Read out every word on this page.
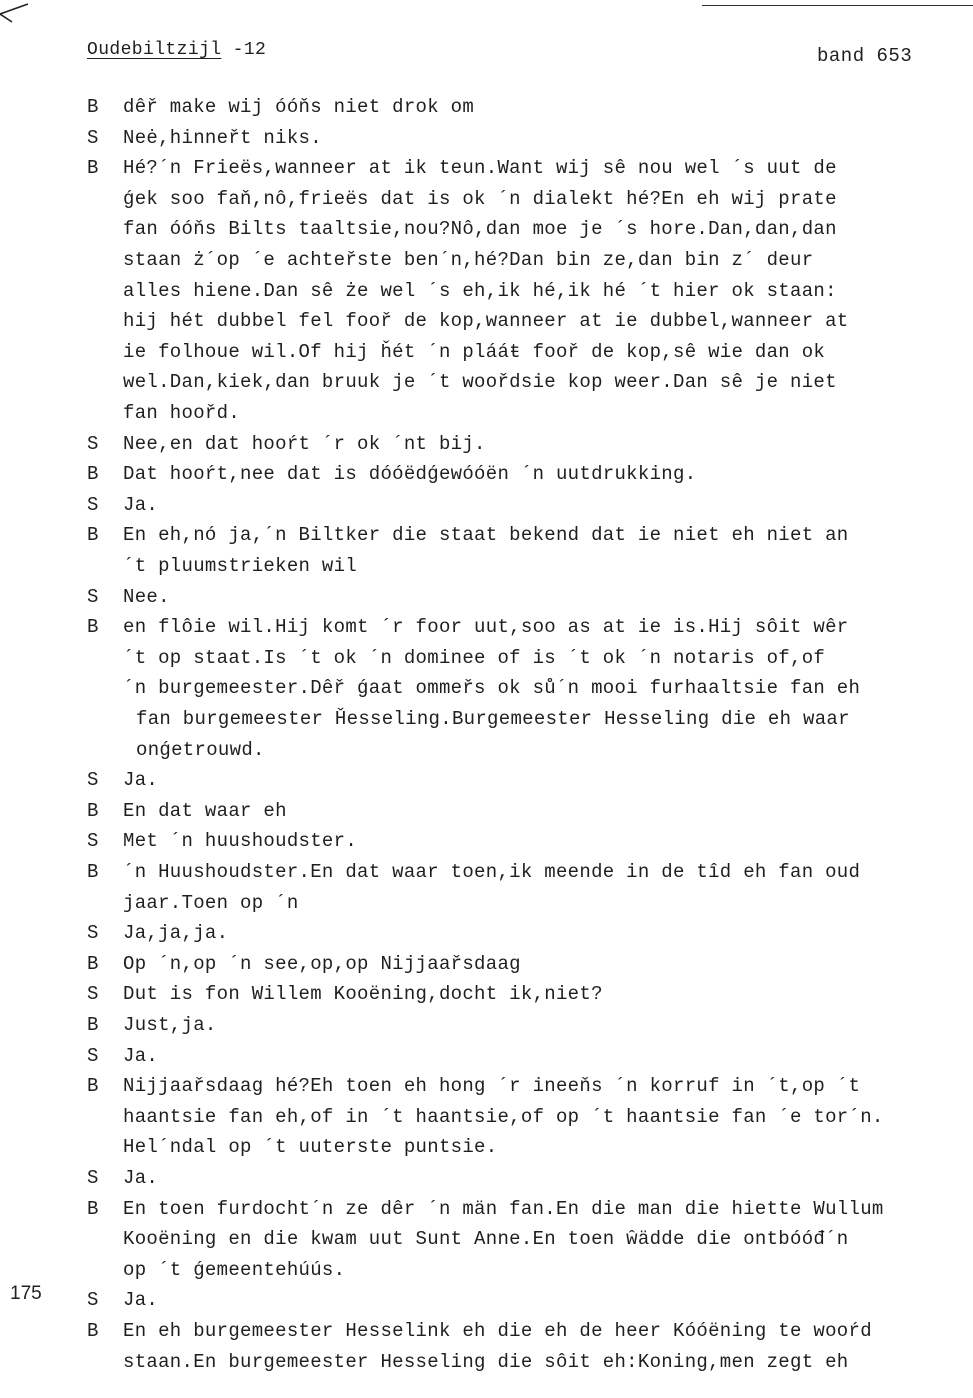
Oudebiltzijl -12	band 653
B dêř make wij óóňs niet drok om
S Neė,hinneřt niks.
B Hé?´n Frieës,wanneer at ik teun.Want wij sê nou wel ´s uut de
ǵek soo faň,nô,frieës dat is ok ´n dialekt hé?En eh wij prate
fan óóňs Bilts taaltsie,nou?Nô,dan moe je ´s hore.Dan,dan,dan
staan ż´op ´e achteřste ben´n,hé?Dan bin ze,dan bin z´ deur
alles hiene.Dan sê że wel ´s eh,ik hé,ik hé ´t hier ok staan:
hij hét dubbel fel fooř de kop,wanneer at ie dubbel,wanneer at
ie folhoue wil.Of hij ȟét ´n plááŧ fooř de kop,sê wie dan ok
wel.Dan,kiek,dan bruuk je ´t woořdsie kop weer.Dan sê je niet
fan hoořd.
S Nee,en dat hooŕt ´r ok ´nt bij.
B Dat hooŕt,nee dat is dóóëdǵewóóën ´n uutdrukking.
S Ja.
B En eh,nó ja,´n Biltker die staat bekend dat ie niet eh niet an
´t pluumstrieken wil
S Nee.
B en flôie wil.Hij komt ´r foor uut,soo as at ie is.Hij sôit wêr
´t op staat.Is ´t ok ´n dominee of is ´t ok ´n notaris of,of
´n burgemeester.Dêř ǵaat ommeřs ok sů´n mooi furhaaltsie fan eh
fan burgemeester Ȟesseling.Burgemeester Hesseling die eh waar
onǵetrouwd.
S Ja.
B En dat waar eh
S Met ´n huushoudster.
B ´n Huushoudster.En dat waar toen,ik meende in de tîd eh fan oud
jaar.Toen op ´n
S Ja,ja,ja.
B Op ´n,op ´n see,op,op Nijjaařsdaag
S Dut is fon Willem Kooëning,docht ik,niet?
B Just,ja.
S Ja.
B Nijjaařsdaag hé?Eh toen eh hong ´r ineeňs ´n korruf in ´t,op ´t
haantsie fan eh,of in ´t haantsie,of op ´t haantsie fan ´e tor´n.
Hel´ndal op ´t uuterste puntsie.
S Ja.
B En toen furdocht´n ze dêr ´n män fan.En die man die hiette Wullum
Kooëning en die kwam uut Sunt Anne.En toen ŵädde die ontbóóđ´n
op ´t ǵemeentehúús.
S Ja.
B En eh burgemeester Hesselink eh die eh de heer Kóóëning te wooŕd
staan.En burgemeester Hesseling die sôit eh:Koning,men zegt eh
175
